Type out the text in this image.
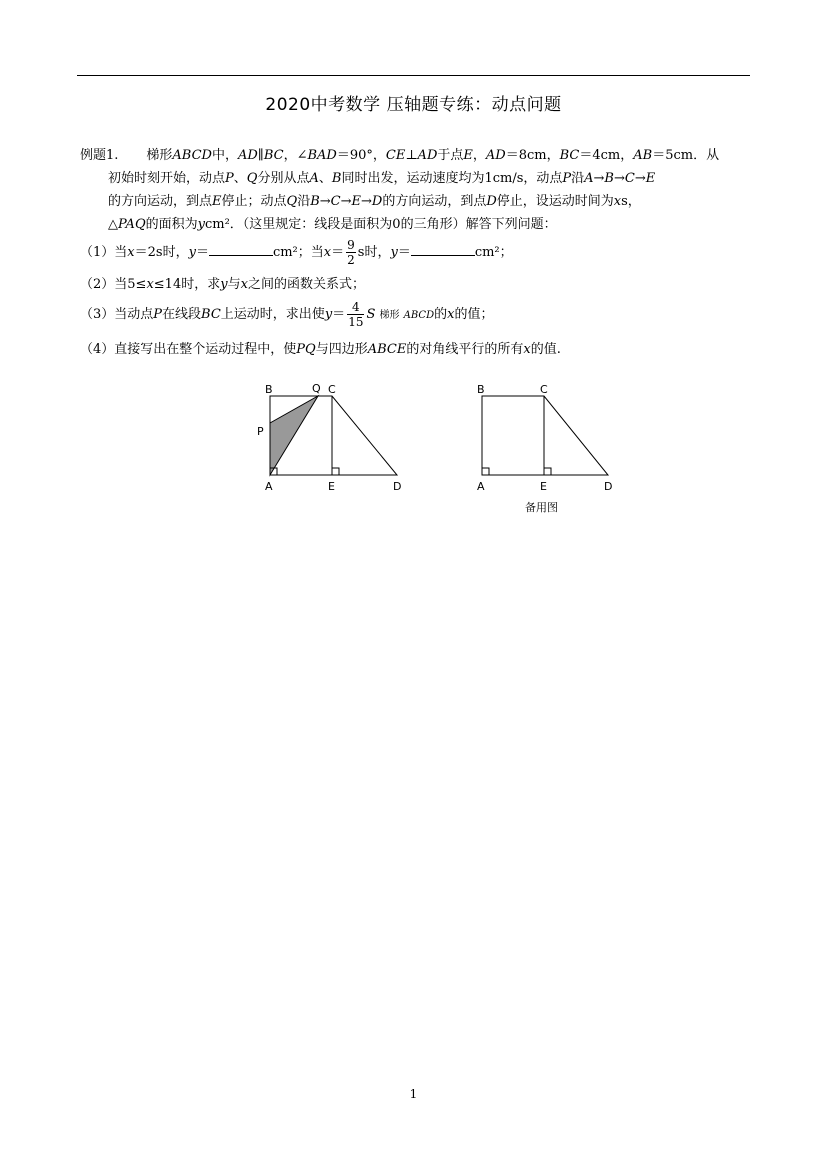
2020中考数学 压轴题专练：动点问题
例题1. 梯形ABCD中，AD∥BC，∠BAD＝90°，CE⊥AD于点E，AD＝8cm，BC＝4cm，AB＝5cm．从
初始时刻开始，动点P、Q分别从点A、B同时出发，运动速度均为1cm/s，动点P沿A→B→C→E
的方向运动，到点E停止；动点Q沿B→C→E→D的方向运动，到点D停止，设运动时间为xs，
△PAQ的面积为ycm²．（这里规定：线段是面积为0的三角形）解答下列问题：
（1）当x＝2s时，y＝	cm²；当$x= \frac{9}{2}$ s时，y＝	cm²；
（2）当5≤x≤14时，求y与x之间的函数关系式；
（3）当动点P在线段BC上运动时，求出使$y= \frac{4}{15}$ S 梯形 ABCD的x的值；
（4）直接写出在整个运动过程中，使PQ与四边形ABCE的对角线平行的所有x的值.
B	Q C
P
A	E	D
B	C
A	E	D
备用图
1
